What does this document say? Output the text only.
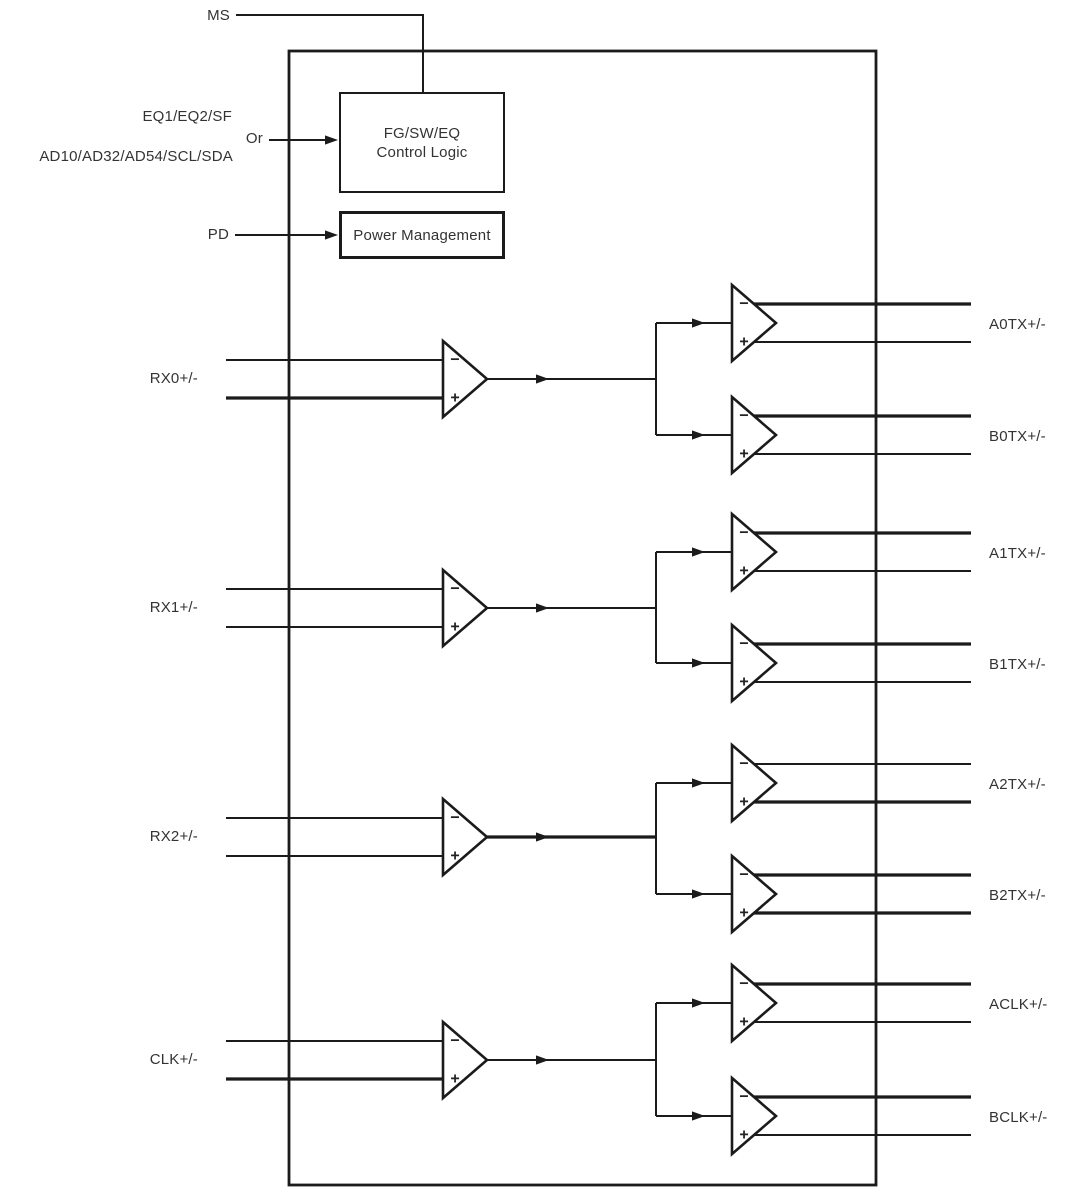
+
FG/SW/EQ
Control Logic
Power Management
MS
EQ1/EQ2/SF
Or
AD10/AD32/AD54/SCL/SDA
PD
RX0+/-
RX1+/-
RX2+/-
CLK+/-
A0TX+/-
B0TX+/-
A1TX+/-
B1TX+/-
A2TX+/-
B2TX+/-
ACLK+/-
BCLK+/-
